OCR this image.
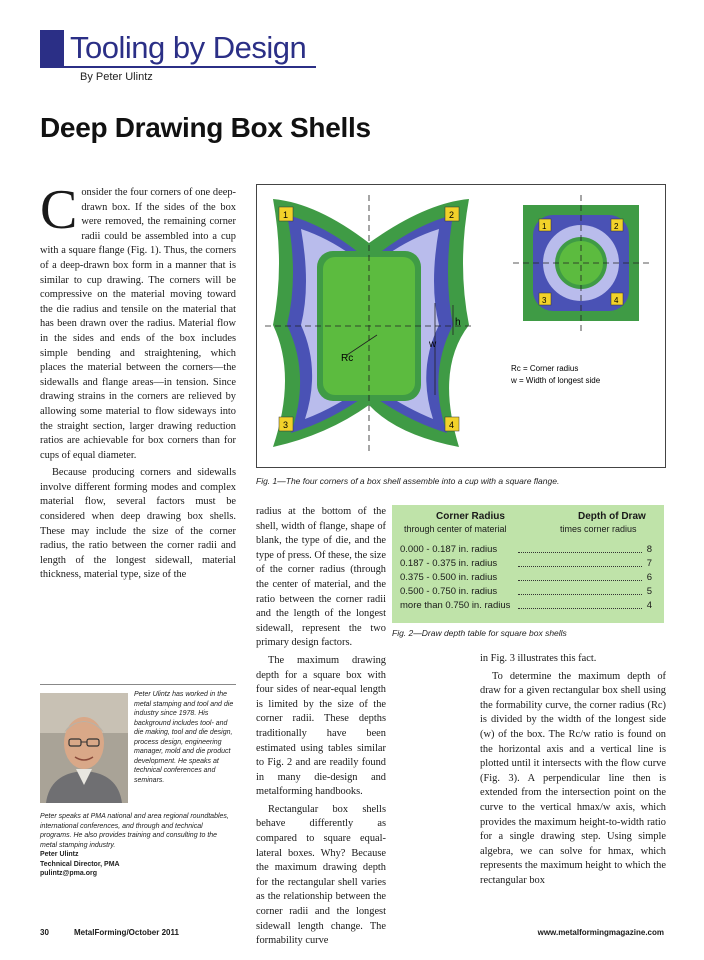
Tooling by Design
By Peter Ulintz
Deep Drawing Box Shells

Consider the four corners of one deep-drawn box. If the sides of the box were removed, the remaining corner radii could be assembled into a cup with a square flange (Fig. 1). Thus, the corners of a deep-drawn box form in a manner that is similar to cup drawing. The corners will be compressive on the material moving toward the die radius and tensile on the material that has been drawn over the radius. Material flow in the sides and ends of the box includes simple bending and straightening, which places the material between the corners—the sidewalls and flange areas—in tension. Since drawing strains in the corners are relieved by allowing some material to flow sideways into the straight section, larger drawing reduction ratios are achievable for box corners than for cups of equal diameter.

Because producing corners and sidewalls involve different forming modes and complex material flow, several factors must be considered when deep drawing box shells. These may include the size of the corner radius, the ratio between the corner radii and length of the longest sidewall, material thickness, material type, size of the

Rc
w
h
1	2
3	4
1	2
3	4
Rc = Corner radius
w = Width of longest side
Fig. 1—The four corners of a box shell assemble into a cup with a square flange.

radius at the bottom of the shell, width of flange, shape of blank, the type of die, and the type of press. Of these, the size of the corner radius (through the center of material, and the ratio between the corner radii and the length of the longest sidewall, represent the two primary design factors.

The maximum drawing depth for a square box with four sides of near-equal length is limited by the size of the corner radii. These depths traditionally have been estimated using tables similar to Fig. 2 and are readily found in many die-design and metalforming handbooks.

Rectangular box shells behave differently as compared to square equal-lateral boxes. Why? Because the maximum drawing depth for the rectangular shell varies as the relationship between the corner radii and the longest sidewall length change. The formability curve

Corner Radius
through center of material
Depth of Draw
times corner radius
0.000 - 0.187 in. radius	8
0.187 - 0.375 in. radius	7
0.375 - 0.500 in. radius	6
0.500 - 0.750 in. radius	5
more than 0.750 in. radius	4
Fig. 2—Draw depth table for square box shells

in Fig. 3 illustrates this fact.

To determine the maximum depth of draw for a given rectangular box shell using the formability curve, the corner radius (Rc) is divided by the width of the longest side (w) of the box. The Rc/w ratio is found on the horizontal axis and a vertical line is plotted until it intersects with the flow curve (Fig. 3). A perpendicular line then is extended from the intersection point on the curve to the vertical hmax/w axis, which provides the maximum height-to-width ratio for a single drawing step. Using simple algebra, we can solve for hmax, which represents the maximum height to which the rectangular box

Peter Ulintz has worked in the metal stamping and tool and die industry since 1978. His background includes tool- and die making, tool and die design, process design, engineering manager, mold and die product development. He speaks at technical conferences and seminars.
Peter speaks at PMA national and area regional roundtables, international conferences, and through and technical programs. He also provides training and consulting to the metal stamping industry.
Peter Ulintz
Technical Director, PMA
pulintz@pma.org
30	MetalForming/October 2011	www.metalformingmagazine.com
